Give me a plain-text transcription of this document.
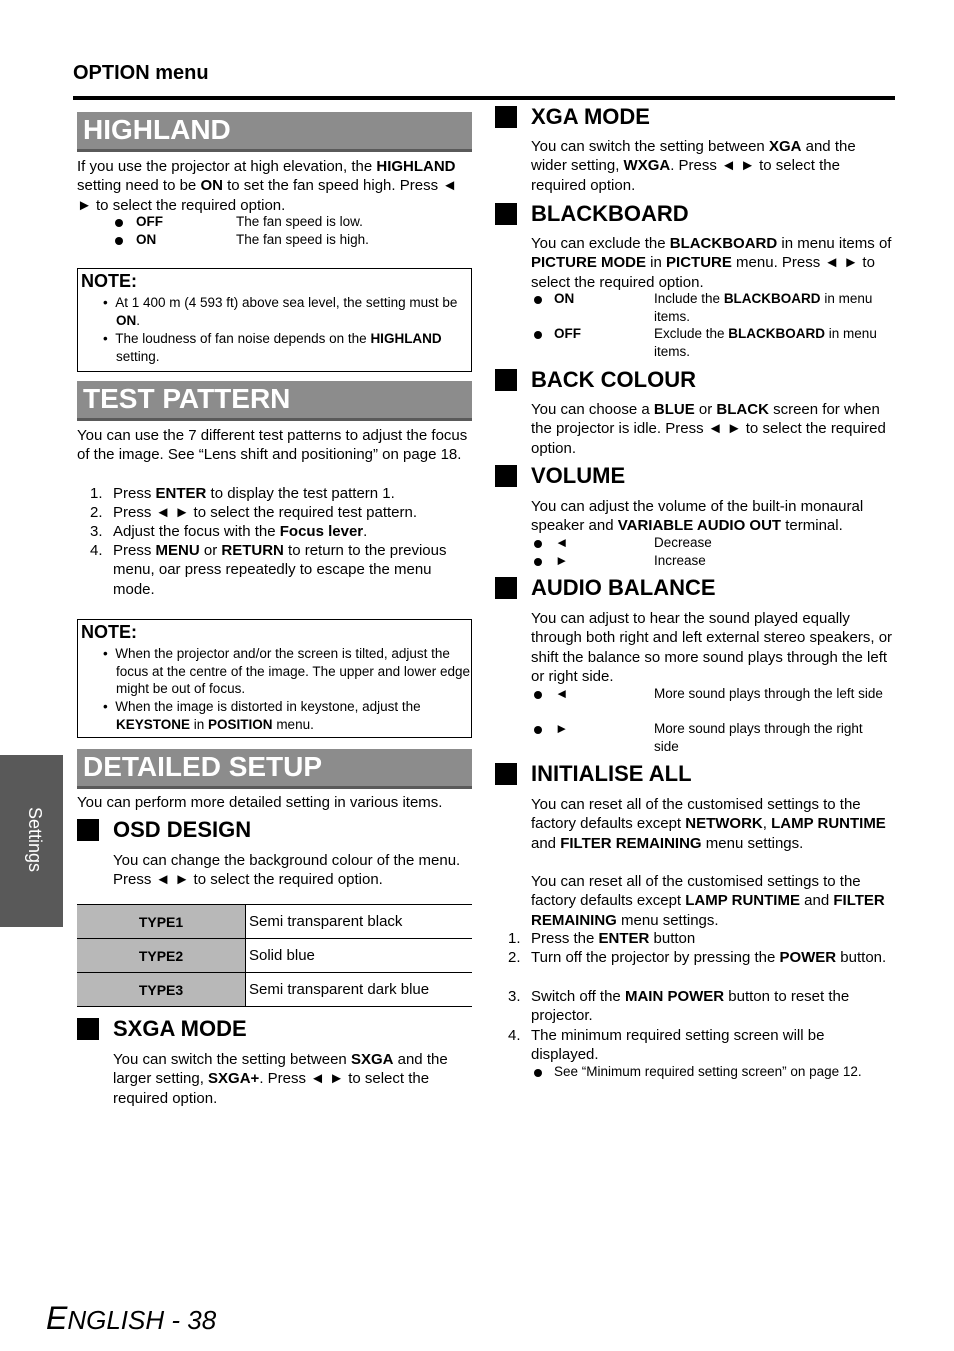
OPTION menu
Settings
HIGHLAND
If you use the projector at high elevation, the HIGHLAND setting need to be ON to set the fan speed high. Press ◄ ► to select the required option.
OFF	The fan speed is low.
ON	The fan speed is high.
NOTE:
•  At 1 400 m (4 593 ft) above sea level, the setting must be ON.
•  The loudness of fan noise depends on the HIGHLAND setting.
TEST PATTERN
You can use the 7 different test patterns to adjust the focus of the image. See “Lens shift and positioning” on page 18.
1. Press ENTER to display the test pattern 1.
2. Press ◄ ► to select the required test pattern.
3. Adjust the focus with the Focus lever.
4. Press MENU or RETURN to return to the previous menu, oar press repeatedly to escape the menu mode.
NOTE:
•  When the projector and/or the screen is tilted, adjust the focus at the centre of the image. The upper and lower edge might be out of focus.
•  When the image is distorted in keystone, adjust the KEYSTONE in POSITION menu.
DETAILED SETUP
You can perform more detailed setting in various items.
OSD DESIGN
You can change the background colour of the menu. Press ◄ ► to select the required option.
TYPE1	Semi transparent black
TYPE2	Solid blue
TYPE3	Semi transparent dark blue
SXGA MODE
You can switch the setting between SXGA and the larger setting, SXGA+. Press ◄ ► to select the required option.
XGA MODE
You can switch the setting between XGA and the wider setting, WXGA. Press ◄ ► to select the required option.
BLACKBOARD
You can exclude the BLACKBOARD in menu items of PICTURE MODE in PICTURE menu. Press ◄ ► to select the required option.
ON	Include the BLACKBOARD in menu items.
OFF	Exclude the BLACKBOARD in menu items.
BACK COLOUR
You can choose a BLUE or BLACK screen for when the projector is idle. Press ◄ ► to select the required option.
VOLUME
You can adjust the volume of the built-in monaural speaker and VARIABLE AUDIO OUT terminal.
◄	Decrease
►	Increase
AUDIO BALANCE
You can adjust to hear the sound played equally through both right and left external stereo speakers, or shift the balance so more sound plays through the left or right side.
◄	More sound plays through the left side
►	More sound plays through the right side
INITIALISE ALL
You can reset all of the customised settings to the factory defaults except NETWORK, LAMP RUNTIME and FILTER REMAINING menu settings.
You can reset all of the customised settings to the factory defaults except LAMP RUNTIME and FILTER REMAINING menu settings.
1. Press the ENTER button
2. Turn off the projector by pressing the POWER button.
3. Switch off the MAIN POWER button to reset the projector.
4. The minimum required setting screen will be displayed.
See “Minimum required setting screen” on page 12.
ENGLISH - 38
